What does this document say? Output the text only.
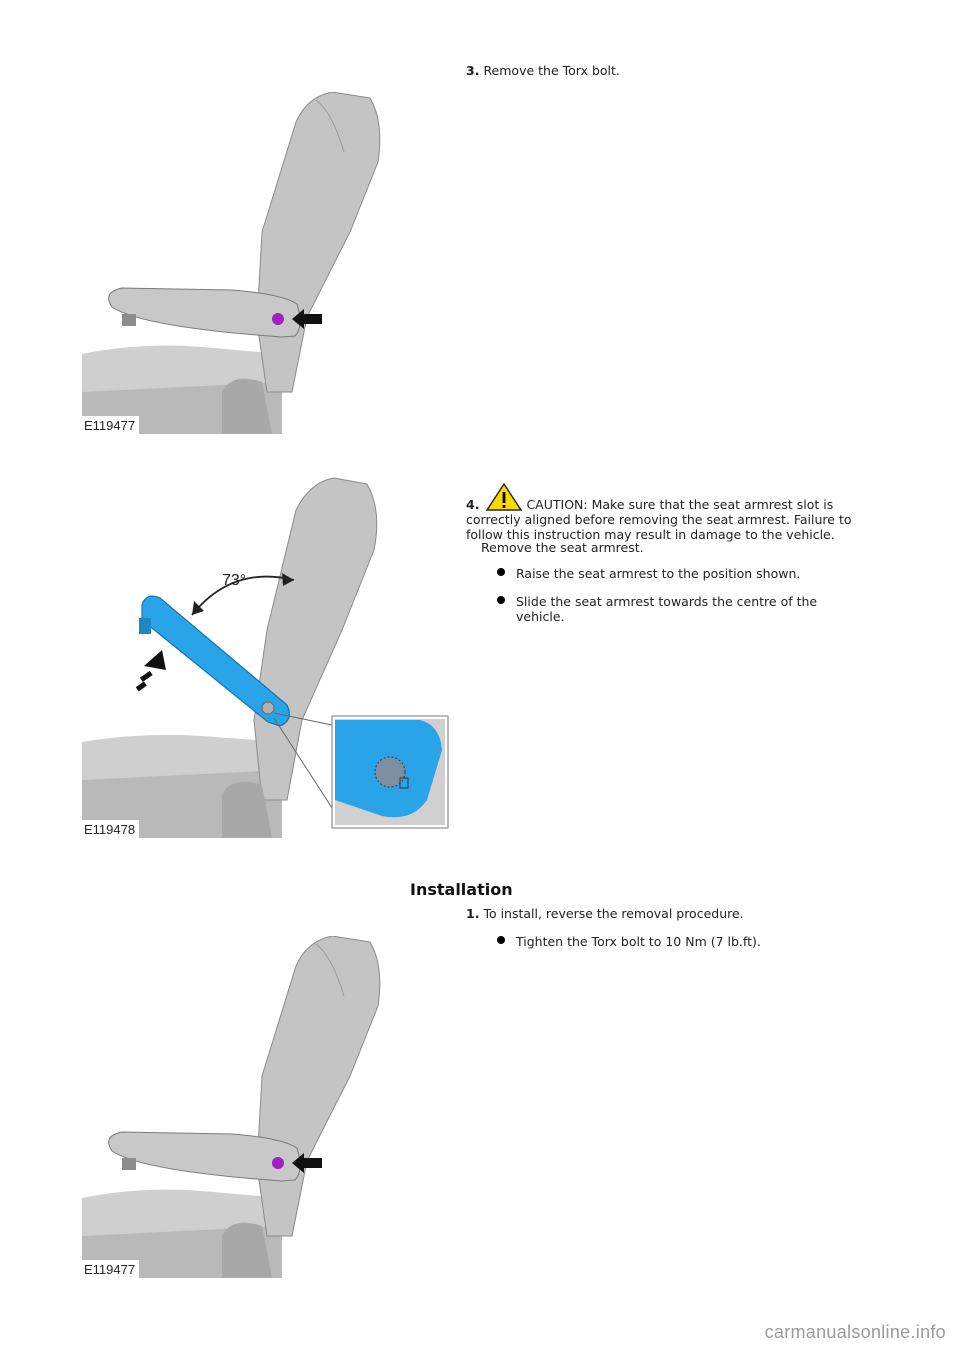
3. Remove the Torx bolt.
E119477
4.	CAUTION: Make sure that the seat armrest slot is
correctly aligned before removing the seat armrest. Failure to
follow this instruction may result in damage to the vehicle.
Remove the seat armrest.
Raise the seat armrest to the position shown.
Slide the seat armrest towards the centre of the
vehicle.
73°
E119478
Installation
1. To install, reverse the removal procedure.
Tighten the Torx bolt to 10 Nm (7 lb.ft).
E119477
carmanualsonline.info
